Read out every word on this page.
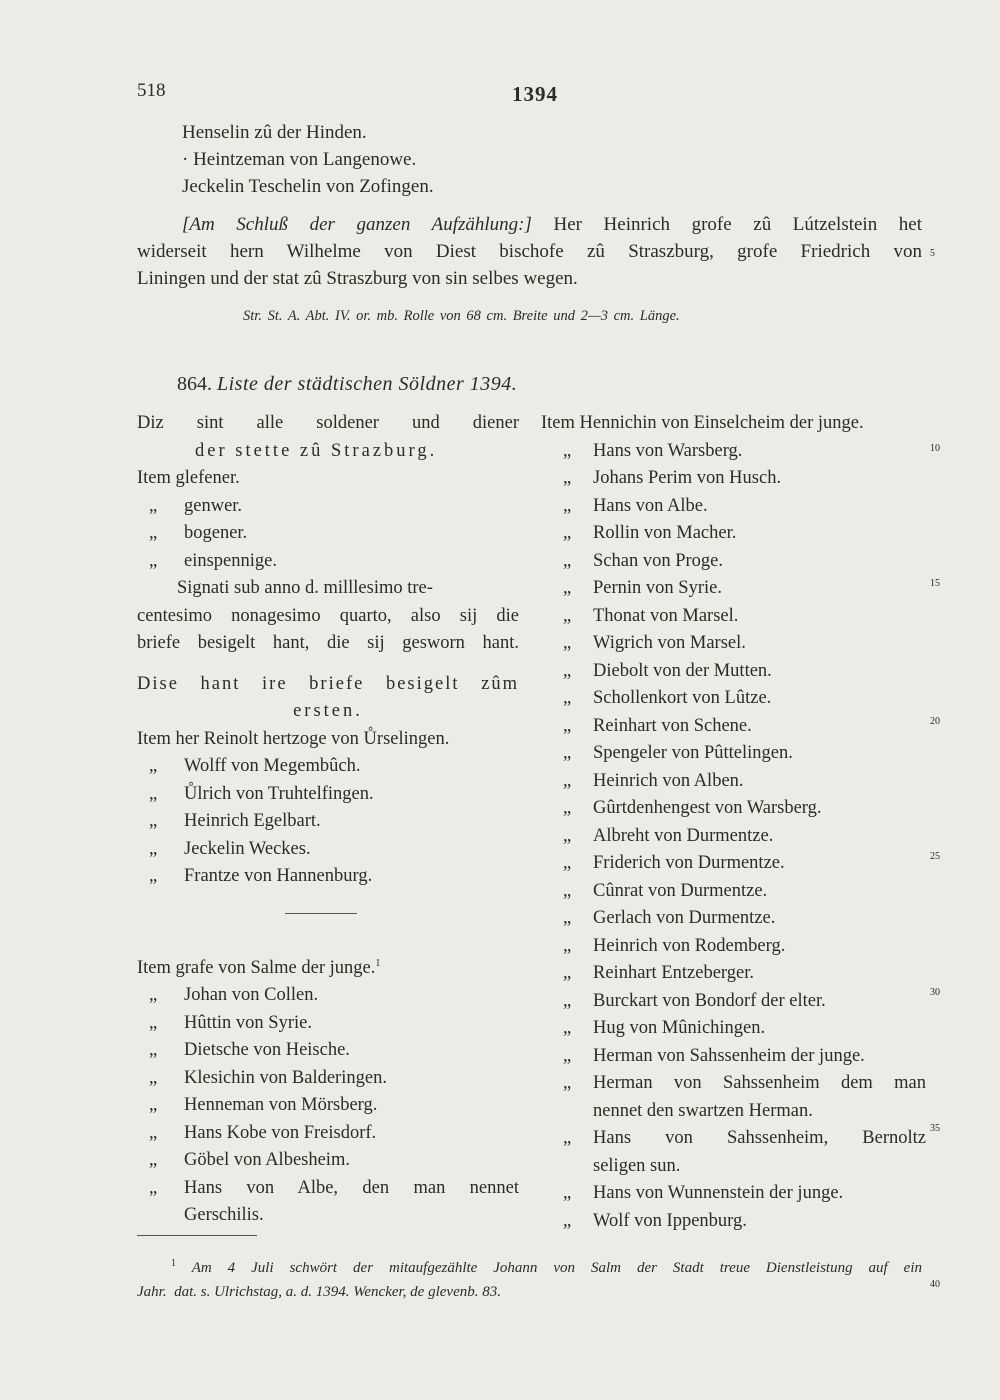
518	1394
Henselin zû der Hinden.
· Heintzeman von Langenowe.
Jeckelin Teschelin von Zofingen.
[Am Schluß der ganzen Aufzählung:] Her Heinrich grofe zû Lútzelstein het
widerseit hern Wilhelme von Diest bischofe zû Straszburg, grofe Friedrich von
Liningen und der stat zû Straszburg von sin selbes wegen.
Str. St. A. Abt. IV. or. mb. Rolle von 68 cm. Breite und 2—3 cm. Länge.
864. Liste der städtischen Söldner 1394.
Diz sint alle soldener und diener
der stette zû Strazburg.
Item glefener.
„ genwer.
„ bogener.
„ einspennige.
Signati sub anno d. milllesimo tre-
centesimo nonagesimo quarto, also sij die
briefe besigelt hant, die sij gesworn hant.
Dise hant ire briefe besigelt zûm
ersten.
Item her Reinolt hertzoge von Ůrselingen.
„ Wolff von Megembûch.
„ Ůlrich von Truhtelfingen.
„ Heinrich Egelbart.
„ Jeckelin Weckes.
„ Frantze von Hannenburg.
Item grafe von Salme der junge.$^1$
„ Johan von Collen.
„ Hûttin von Syrie.
„ Dietsche von Heische.
„ Klesichin von Balderingen.
„ Henneman von Mörsberg.
„ Hans Kobe von Freisdorf.
„ Göbel von Albesheim.
„	Hans von Albe, den man nennet
Gerschilis.
Item Hennichin von Einselcheim der junge.
„ Hans von Warsberg.
„ Johans Perim von Husch.
„ Hans von Albe.
„ Rollin von Macher.
„ Schan von Proge.
„ Pernin von Syrie.
„ Thonat von Marsel.
„ Wigrich von Marsel.
„ Diebolt von der Mutten.
„ Schollenkort von Lûtze.
„ Reinhart von Schene.
„ Spengeler von Pûttelingen.
„ Heinrich von Alben.
„ Gûrtdenhengest von Warsberg.
„ Albreht von Durmentze.
„ Friderich von Durmentze.
„ Cûnrat von Durmentze.
„ Gerlach von Durmentze.
„ Heinrich von Rodemberg.
„ Reinhart Entzeberger.
„ Burckart von Bondorf der elter.
„ Hug von Mûnichingen.
„ Herman von Sahssenheim der junge.
„	Herman von Sahssenheim dem man
nennet den swartzen Herman.
„	Hans von Sahssenheim, Bernoltz
seligen sun.
„ Hans von Wunnenstein der junge.
„ Wolf von Ippenburg.
5
10
15
20
25
30
35
40
$^1$ Am 4 Juli schwört der mitaufgezählte Johann von Salm der Stadt treue Dienstleistung auf ein
Jahr.  dat. s. Ulrichstag, a. d. 1394. Wencker, de glevenb. 83.
